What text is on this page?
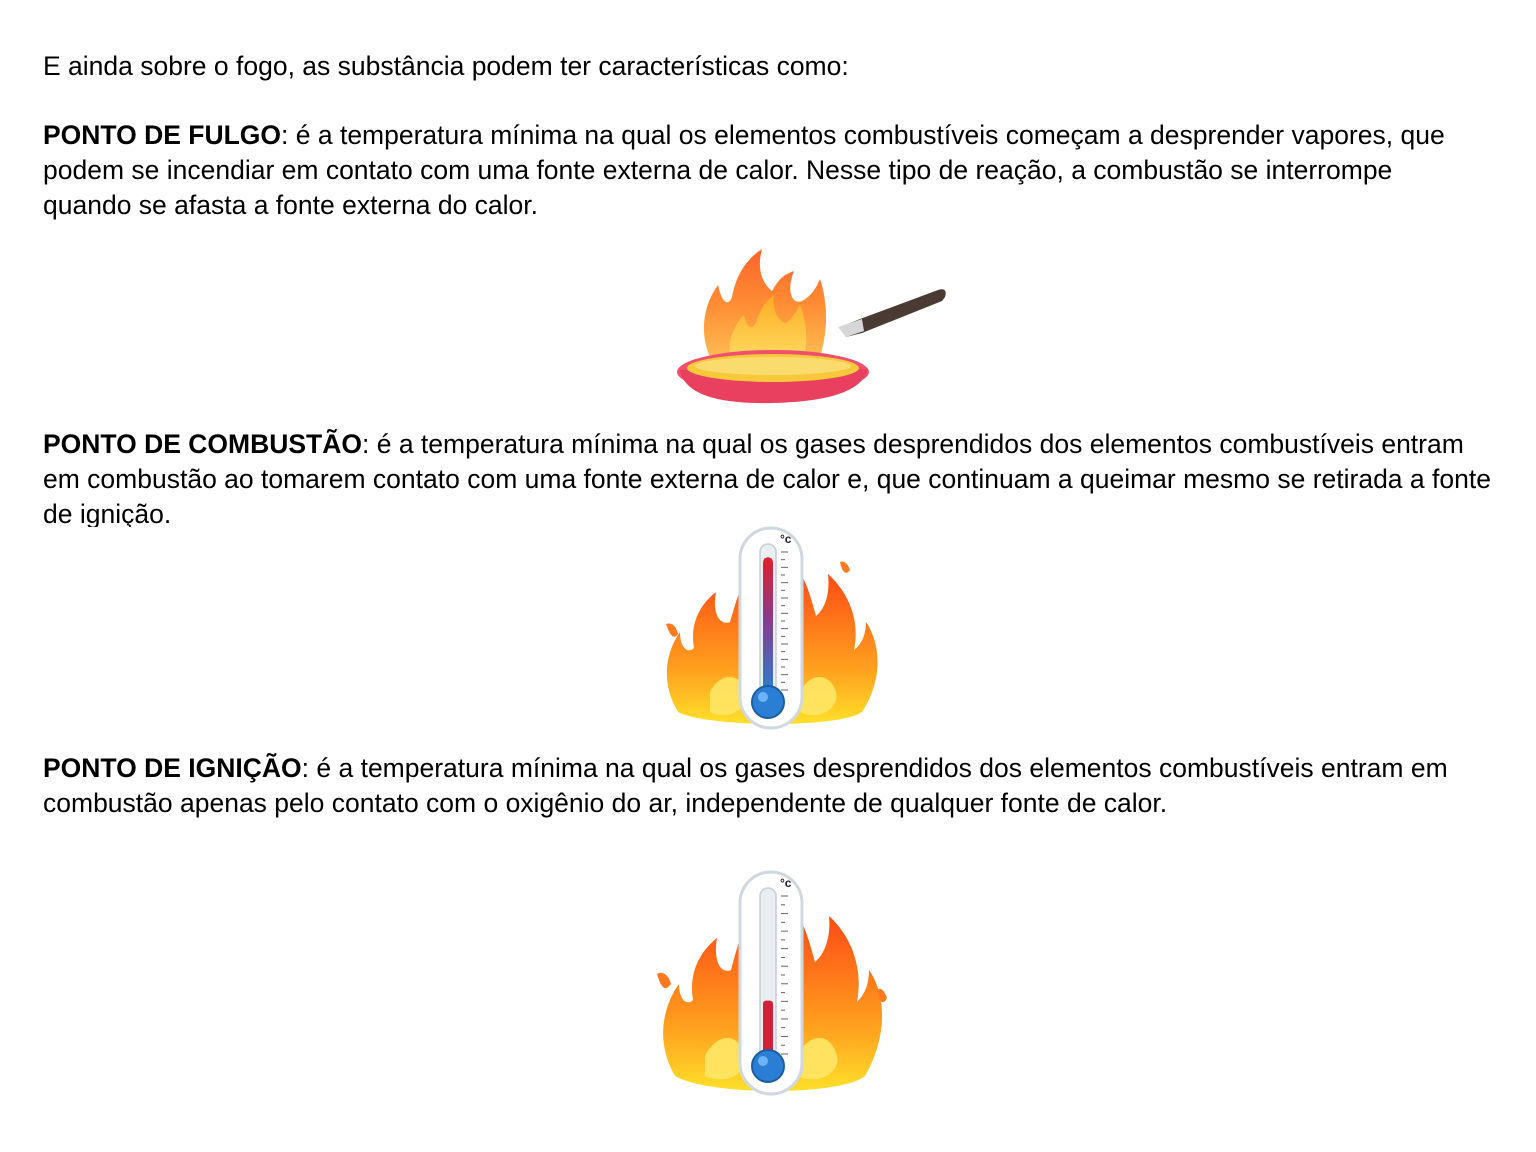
E ainda sobre o fogo, as substância podem ter características como:

PONTO DE FULGO: é a temperatura mínima na qual os elementos combustíveis começam a desprender vapores, que podem se incendiar em contato com uma fonte externa de calor. Nesse tipo de reação, a combustão se interrompe quando se afasta a fonte externa do calor.

PONTO DE COMBUSTÃO: é a temperatura mínima na qual os gases desprendidos dos elementos combustíveis entram em combustão ao tomarem contato com uma fonte externa de calor e, que continuam a queimar mesmo se retirada a fonte de ignição.

°c

PONTO DE IGNIÇÃO: é a temperatura mínima na qual os gases desprendidos dos elementos combustíveis entram em combustão apenas pelo contato com o oxigênio do ar, independente de qualquer fonte de calor.

°c
